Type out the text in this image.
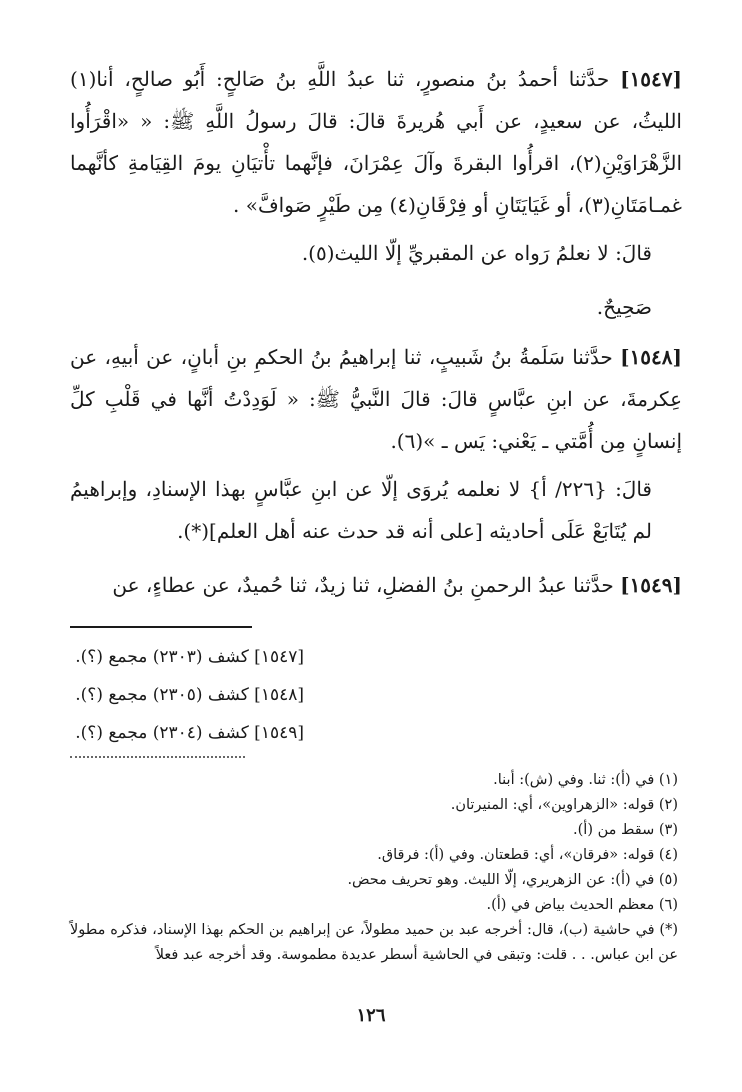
[١٥٤٧] حدَّثنا أحمدُ بنُ منصورٍ، ثنا عبدُ اللَّهِ بنُ صَالحٍ: أَبُو صالحٍ، أنا(١) الليثُ، عن سعيدٍ، عن أَبي هُريرةَ قالَ: قالَ رسولُ اللَّهِ ﷺ: « «اقْرَأُوا الزَّهْرَاوَيْنِ(٢)، اقرأُوا البقرةَ وآلَ عِمْرَانَ، فإنَّهما تأْتيَانِ يومَ القِيَامةِ كأنَّهما غمـامَتَانِ(٣)، أو غَيَايَتَانِ أو فِرْقَانِ(٤) مِن طَيْرٍ صَوافَّ» .

قالَ: لا نعلمُ رَواه عن المقبريِّ إلّا الليث(٥).

صَحِيحٌ.

[١٥٤٨] حدَّثنا سَلَمةُ بنُ شَبيبٍ، ثنا إبراهيمُ بنُ الحكمِ بنِ أبانٍ، عن أبيهِ، عن عِكرمةَ، عن ابنِ عبَّاسٍ قالَ: قالَ النَّبيُّ ﷺ: « لَوَدِدْتُ أنَّها في قَلْبِ كلِّ إنسانٍ مِن أُمَّتي ـ يَعْني: يَس ـ »(٦).

قالَ: {٢٢٦/ أ} لا نعلمه يُروَى إلّا عن ابنِ عبَّاسٍ بهذا الإسنادِ، وإبراهيمُ لم يُتَابَعْ عَلَى أحاديثه [على أنه قد حدث عنه أهل العلم](*).

[١٥٤٩] حدَّثنا عبدُ الرحمنِ بنُ الفضلِ، ثنا زيدٌ، ثنا حُميدٌ، عن عطاءٍ، عن

[١٥٤٧] كشف (٢٣٠٣) مجمع (؟).
[١٥٤٨] كشف (٢٣٠٥) مجمع (؟).
[١٥٤٩] كشف (٢٣٠٤) مجمع (؟).
(١) في (أ): ثنا. وفي (ش): أبنا.
(٢) قوله: «الزهراوين»، أي: المنيرتان.
(٣) سقط من (أ).
(٤) قوله: «فرقان»، أي: قطعتان. وفي (أ): فرقاق.
(٥) في (أ): عن الزهريري، إلّا الليث. وهو تحريف محض.
(٦) معظم الحديث بياض في (أ).
(*) في حاشية (ب)، قال: أخرجه عبد بن حميد مطولاً، عن إبراهيم بن الحكم بهذا الإسناد، فذكره مطولاً عن ابن عباس. . . قلت: وتبقى في الحاشية أسطر عديدة مطموسة. وقد أخرجه عبد فعلاً
١٢٦
